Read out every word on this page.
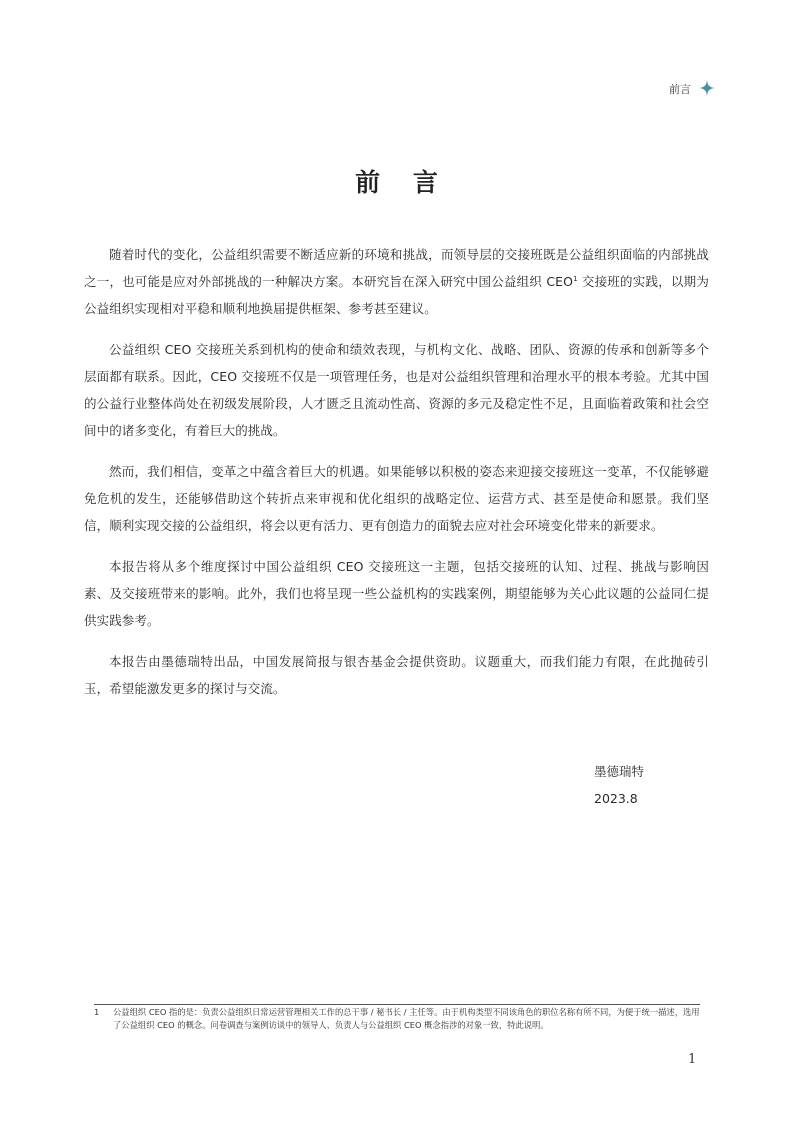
前言
前 言

随着时代的变化，公益组织需要不断适应新的环境和挑战，而领导层的交接班既是公益组织面临的内部挑战之一，也可能是应对外部挑战的一种解决方案。本研究旨在深入研究中国公益组织 CEO$^1$ 交接班的实践，以期为公益组织实现相对平稳和顺利地换届提供框架、参考甚至建议。

公益组织 CEO 交接班关系到机构的使命和绩效表现，与机构文化、战略、团队、资源的传承和创新等多个层面都有联系。因此，CEO 交接班不仅是一项管理任务，也是对公益组织管理和治理水平的根本考验。尤其中国的公益行业整体尚处在初级发展阶段，人才匮乏且流动性高、资源的多元及稳定性不足，且面临着政策和社会空间中的诸多变化，有着巨大的挑战。

然而，我们相信，变革之中蕴含着巨大的机遇。如果能够以积极的姿态来迎接交接班这一变革，不仅能够避免危机的发生，还能够借助这个转折点来审视和优化组织的战略定位、运营方式、甚至是使命和愿景。我们坚信，顺利实现交接的公益组织，将会以更有活力、更有创造力的面貌去应对社会环境变化带来的新要求。

本报告将从多个维度探讨中国公益组织 CEO 交接班这一主题，包括交接班的认知、过程、挑战与影响因素、及交接班带来的影响。此外，我们也将呈现一些公益机构的实践案例，期望能够为关心此议题的公益同仁提供实践参考。

本报告由墨德瑞特出品，中国发展简报与银杏基金会提供资助。议题重大，而我们能力有限，在此抛砖引玉，希望能激发更多的探讨与交流。

墨德瑞特
2023.8
1 公益组织 CEO 指的是：负责公益组织日常运营管理相关工作的总干事 / 秘书长 / 主任等。由于机构类型不同该角色的职位名称有所不同，为便于统一描述，选用了公益组织 CEO 的概念。问卷调查与案例访谈中的领导人、负责人与公益组织 CEO 概念指涉的对象一致，特此说明。
1
